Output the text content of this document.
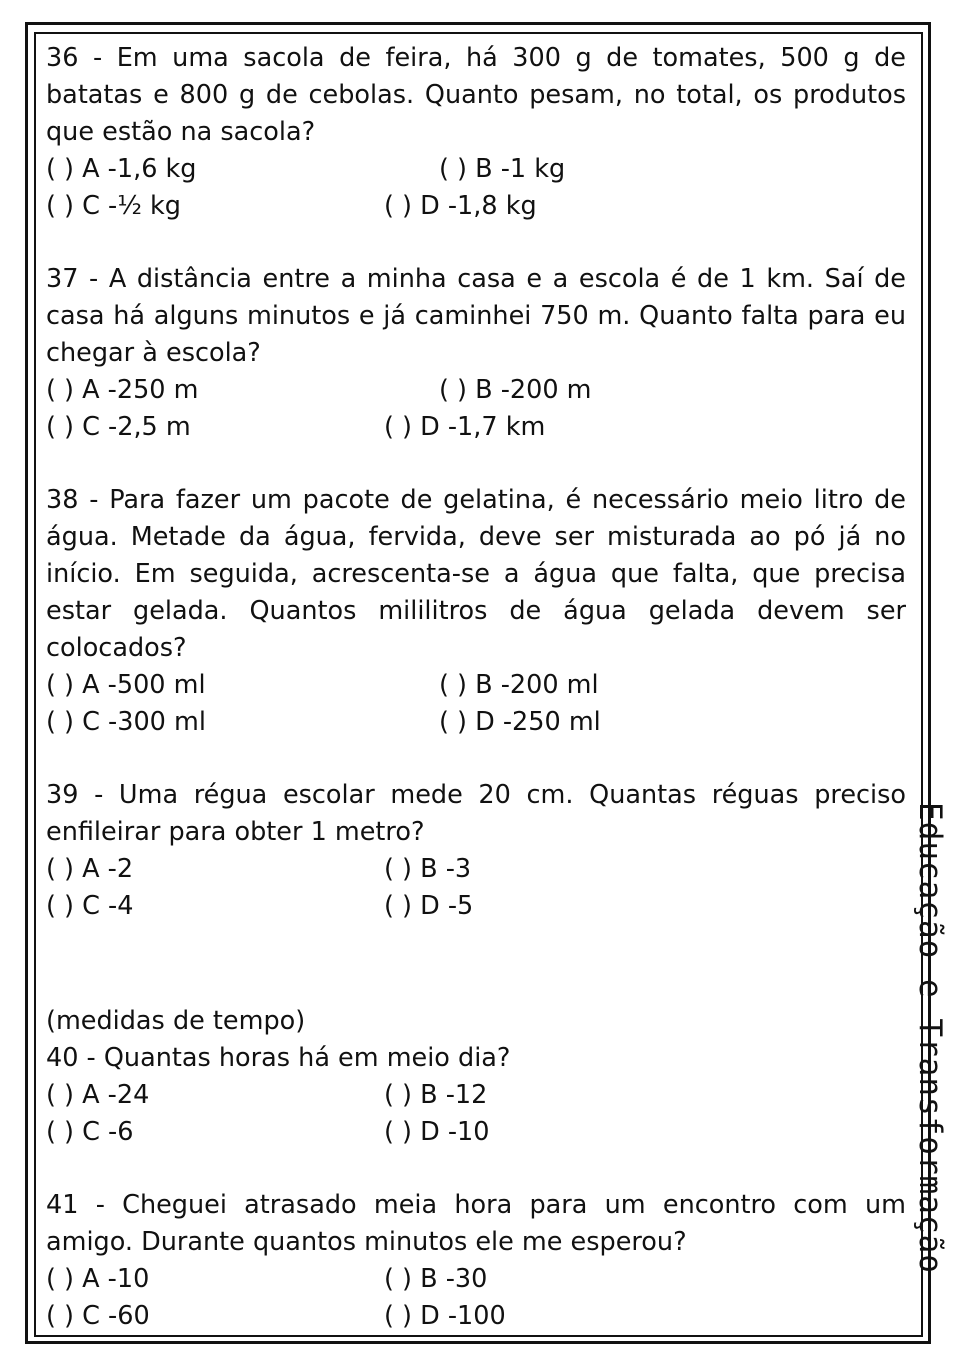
36 - Em uma sacola de feira, há 300 g de tomates, 500 g de batatas e 800 g de cebolas. Quanto pesam, no total, os produtos que estão na sacola?

( ) A -1,6 kg	( ) B -1 kg
( ) C -½ kg	( ) D -1,8 kg

37 - A distância entre a minha casa e a escola é de 1 km. Saí de casa há alguns minutos e já caminhei 750 m. Quanto falta para eu chegar à escola?

( ) A -250 m	( ) B -200 m
( ) C -2,5 m	( ) D -1,7 km

38 - Para fazer um pacote de gelatina, é necessário meio litro de água. Metade da água, fervida, deve ser misturada ao pó já no início. Em seguida, acrescenta-se a água que falta, que precisa estar gelada. Quantos mililitros de água gelada devem ser colocados?

( ) A -500 ml	( ) B -200 ml
( ) C -300 ml	( ) D -250 ml

39 - Uma régua escolar mede 20 cm. Quantas réguas preciso enfileirar para obter 1 metro?

( ) A -2	( ) B -3
( ) C -4	( ) D -5

(medidas de tempo)

40 - Quantas horas há em meio dia?

( ) A -24	( ) B -12
( ) C -6	( ) D -10

41 - Cheguei atrasado meia hora para um encontro com um amigo. Durante quantos minutos ele me esperou?

( ) A -10	( ) B -30
( ) C -60	( ) D -100
Educação e Transformação
